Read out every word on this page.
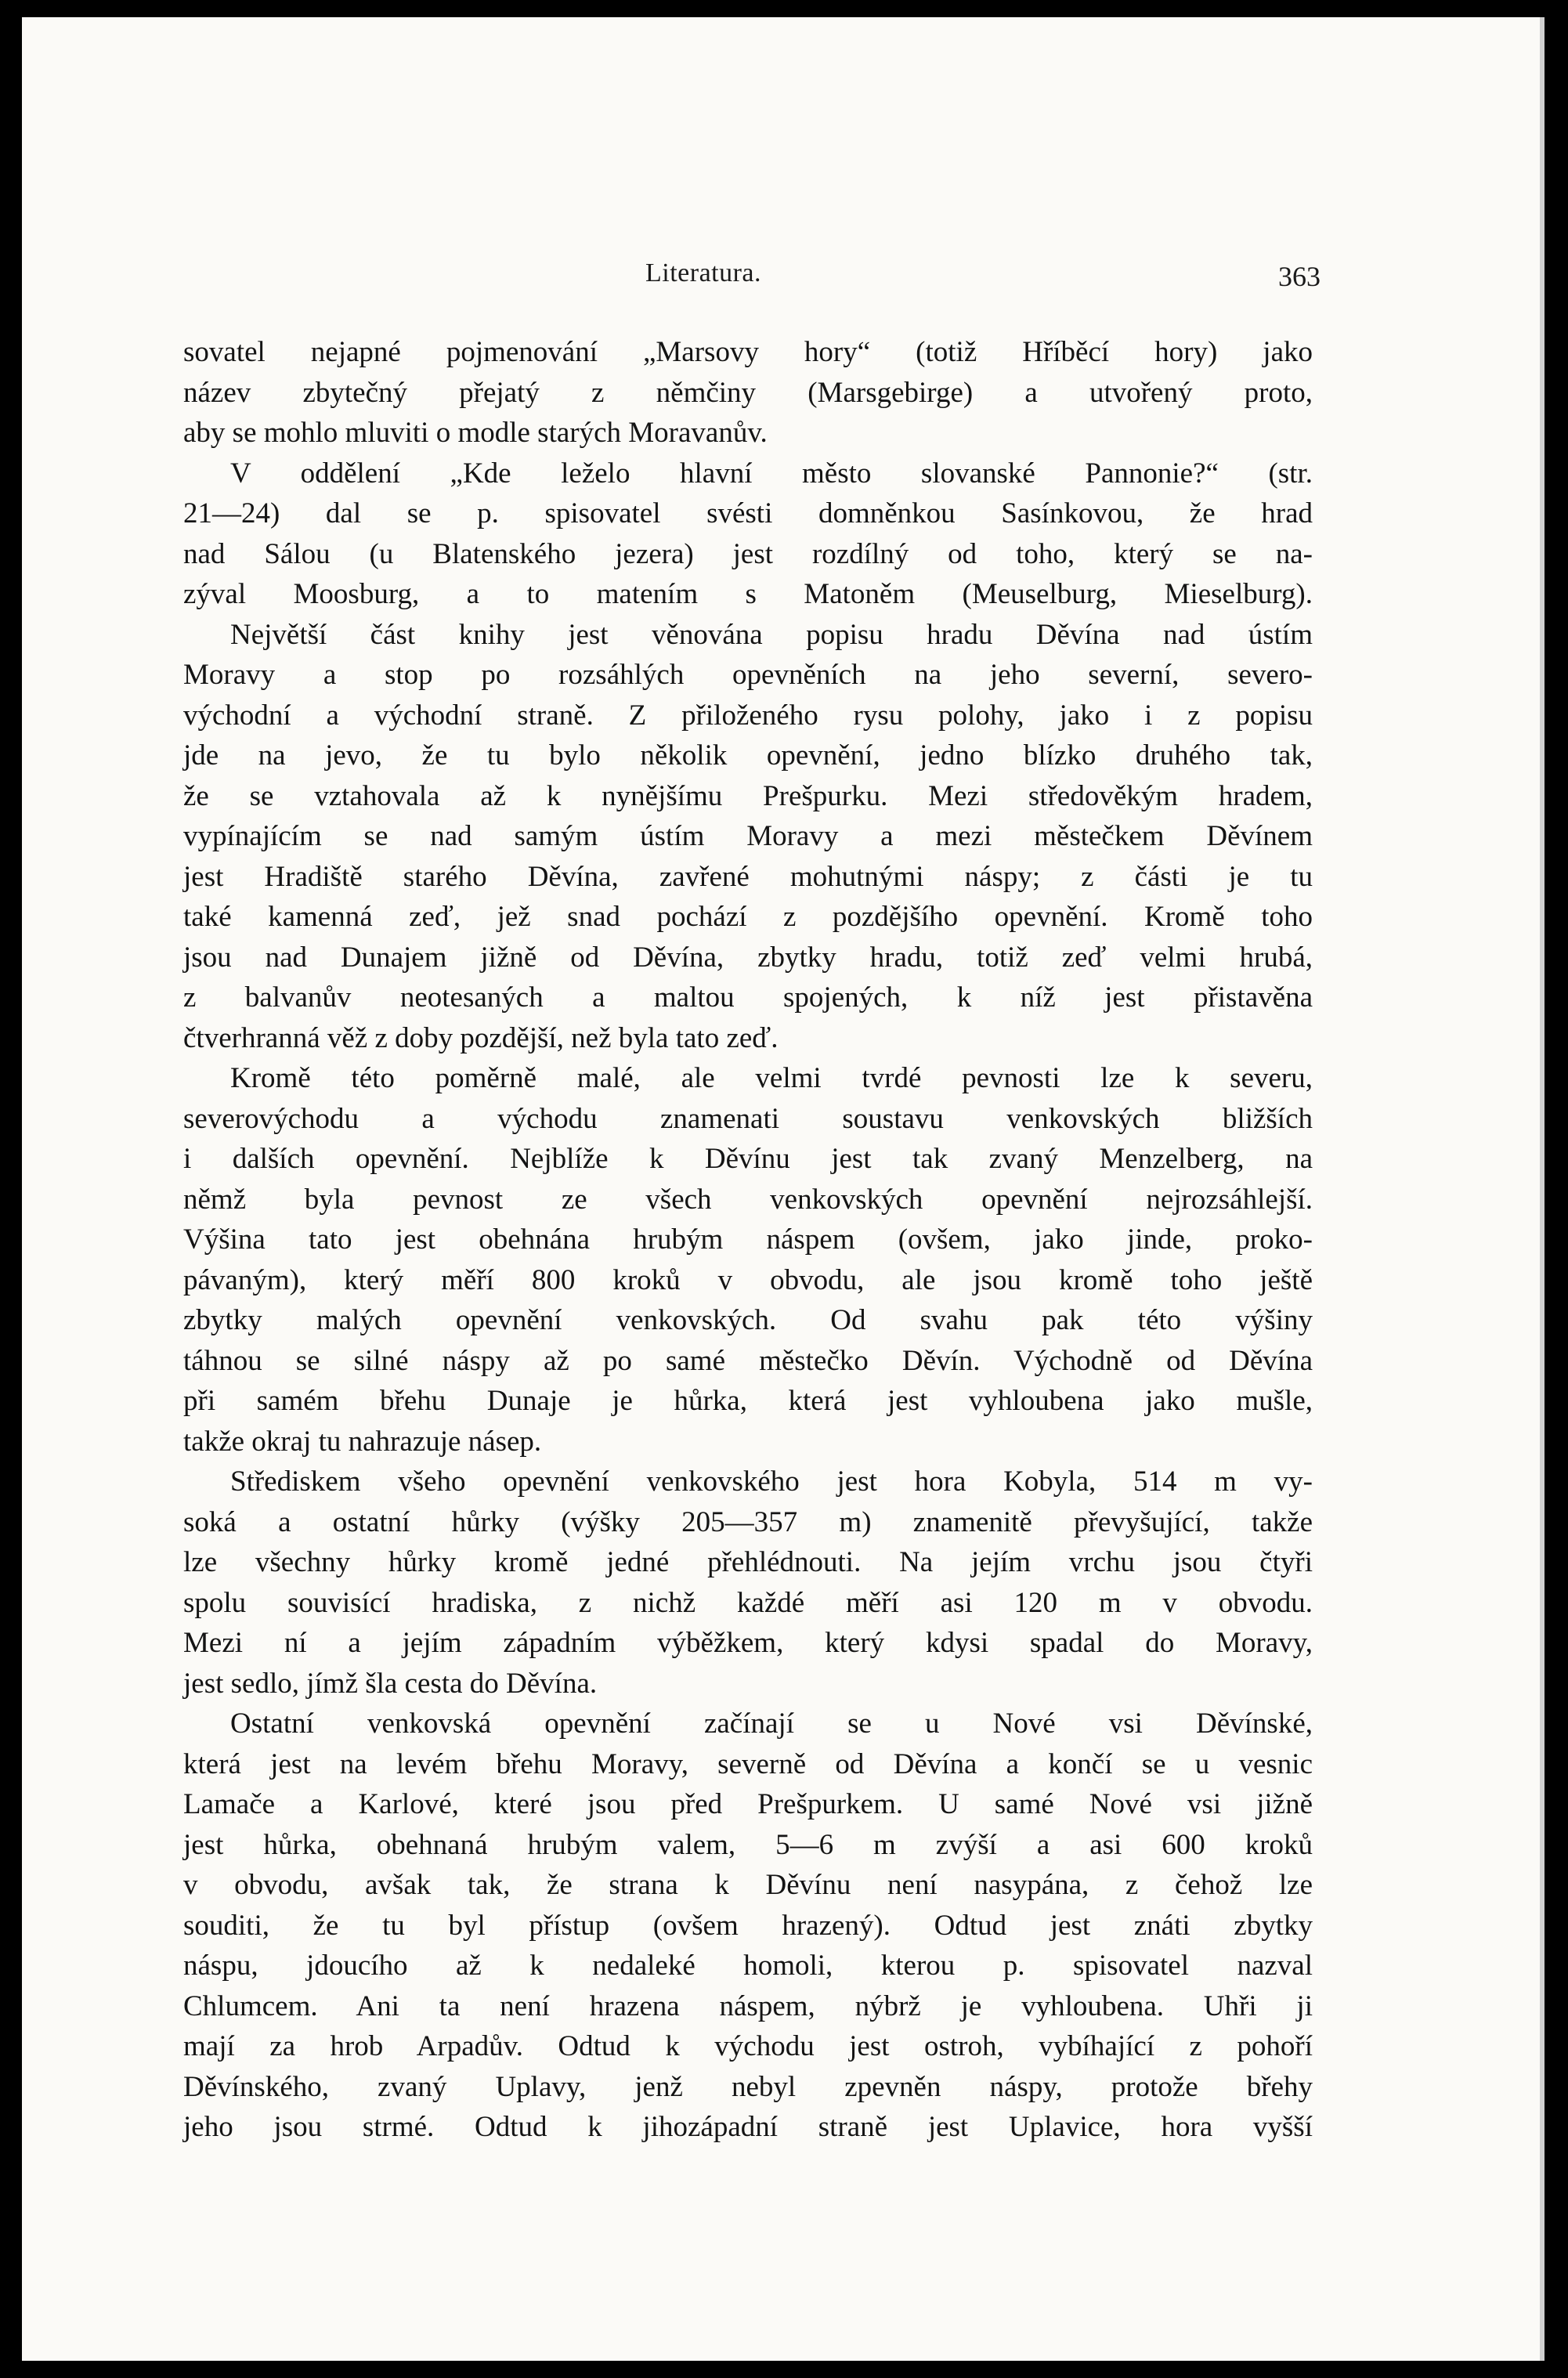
Literatura.	363
sovatel nejapné pojmenování „Marsovy hory“ (totiž Hříběcí hory) jako
název zbytečný přejatý z němčiny (Marsgebirge) a utvořený proto,
aby se mohlo mluviti o modle starých Moravanův.
V oddělení „Kde leželo hlavní město slovanské Pannonie?“ (str.
21—24) dal se p. spisovatel svésti domněnkou Sasínkovou, že hrad
nad Sálou (u Blatenského jezera) jest rozdílný od toho, který se na-
zýval Moosburg, a to matením s Matoněm (Meuselburg, Mieselburg).
Největší část knihy jest věnována popisu hradu Děvína nad ústím
Moravy a stop po rozsáhlých opevněních na jeho severní, severo-
východní a východní straně. Z přiloženého rysu polohy, jako i z popisu
jde na jevo, že tu bylo několik opevnění, jedno blízko druhého tak,
že se vztahovala až k nynějšímu Prešpurku. Mezi středověkým hradem,
vypínajícím se nad samým ústím Moravy a mezi městečkem Děvínem
jest Hradiště starého Děvína, zavřené mohutnými náspy; z části je tu
také kamenná zeď, jež snad pochází z pozdějšího opevnění. Kromě toho
jsou nad Dunajem jižně od Děvína, zbytky hradu, totiž zeď velmi hrubá,
z balvanův neotesaných a maltou spojených, k níž jest přistavěna
čtverhranná věž z doby pozdější, než byla tato zeď.
Kromě této poměrně malé, ale velmi tvrdé pevnosti lze k severu,
severovýchodu a východu znamenati soustavu venkovských bližších
i dalších opevnění. Nejblíže k Děvínu jest tak zvaný Menzelberg, na
němž byla pevnost ze všech venkovských opevnění nejrozsáhlejší.
Výšina tato jest obehnána hrubým náspem (ovšem, jako jinde, proko-
pávaným), který měří 800 kroků v obvodu, ale jsou kromě toho ještě
zbytky malých opevnění venkovských. Od svahu pak této výšiny
táhnou se silné náspy až po samé městečko Děvín. Východně od Děvína
při samém břehu Dunaje je hůrka, která jest vyhloubena jako mušle,
takže okraj tu nahrazuje násep.
Střediskem všeho opevnění venkovského jest hora Kobyla, 514 m vy-
soká a ostatní hůrky (výšky 205—357 m) znamenitě převyšující, takže
lze všechny hůrky kromě jedné přehlédnouti. Na jejím vrchu jsou čtyři
spolu souvisící hradiska, z nichž každé měří asi 120 m v obvodu.
Mezi ní a jejím západním výběžkem, který kdysi spadal do Moravy,
jest sedlo, jímž šla cesta do Děvína.
Ostatní venkovská opevnění začínají se u Nové vsi Děvínské,
která jest na levém břehu Moravy, severně od Děvína a končí se u vesnic
Lamače a Karlové, které jsou před Prešpurkem. U samé Nové vsi jižně
jest hůrka, obehnaná hrubým valem, 5—6 m zvýší a asi 600 kroků
v obvodu, avšak tak, že strana k Děvínu není nasypána, z čehož lze
souditi, že tu byl přístup (ovšem hrazený). Odtud jest znáti zbytky
náspu, jdoucího až k nedaleké homoli, kterou p. spisovatel nazval
Chlumcem. Ani ta není hrazena náspem, nýbrž je vyhloubena. Uhři ji
mají za hrob Arpadův. Odtud k východu jest ostroh, vybíhající z pohoří
Děvínského, zvaný Uplavy, jenž nebyl zpevněn náspy, protože břehy
jeho jsou strmé. Odtud k jihozápadní straně jest Uplavice, hora vyšší
